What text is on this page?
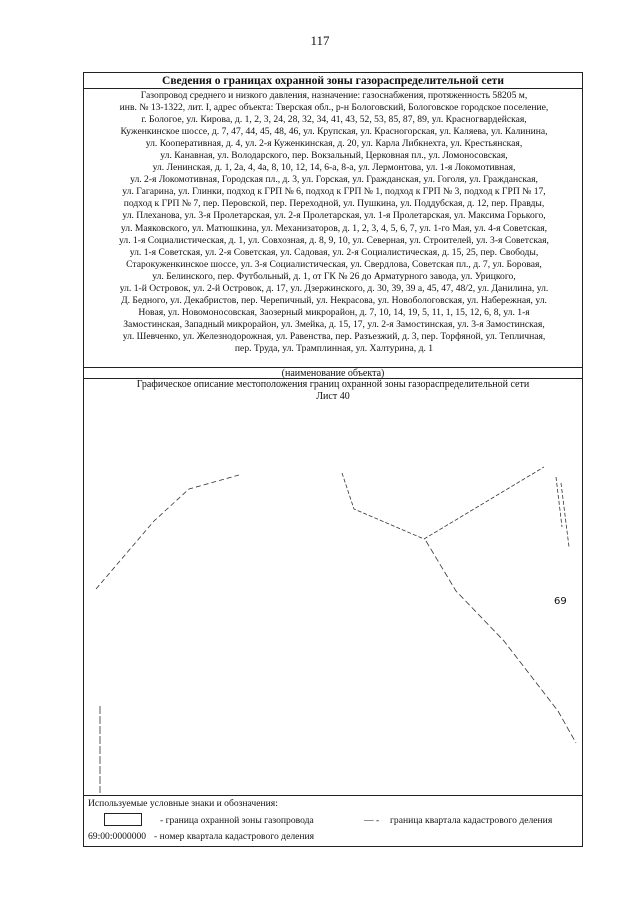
117
Сведения о границах охранной зоны газораспределительной сети
Газопровод среднего и низкого давления, назначение: газоснабжения, протяженность 58205 м,
инв. № 13-1322, лит. I, адрес объекта: Тверская обл., р-н Бологовский, Бологовское городское поселение,
г. Бологое, ул. Кирова, д. 1, 2, 3, 24, 28, 32, 34, 41, 43, 52, 53, 85, 87, 89, ул. Красногвардейская,
Кужeнкинское шоссе, д. 7, 47, 44, 45, 48, 46, ул. Крупская, ул. Красногорская, ул. Каляева, ул. Калинина,
ул. Кооперативная, д. 4, ул. 2-я Куженкинская, д. 20, ул. Карла Либкнехта, ул. Крестьянская,
ул. Канавная, ул. Володарского, пер. Вокзальный, Церковная пл., ул. Ломоносовская,
ул. Ленинская, д. 1, 2а, 4, 4а, 8, 10, 12, 14, 6-а, 8-а, ул. Лермонтова, ул. 1-я Локомотивная,
ул. 2-я Локомотивная, Городская пл., д. 3, ул. Горская, ул. Гражданская, ул. Гоголя, ул. Гражданская,
ул. Гагарина, ул. Глинки, подход к ГРП № 6, подход к ГРП № 1, подход к ГРП № 3, подход к ГРП № 17,
подход к ГРП № 7, пер. Перовской, пер. Переходной, ул. Пушкина, ул. Поддубская, д. 12, пер. Правды,
ул. Плеханова, ул. 3-я Пролетарская, ул. 2-я Пролетарская, ул. 1-я Пролетарская, ул. Максима Горького,
ул. Маяковского, ул. Матюшкина, ул. Механизаторов, д. 1, 2, 3, 4, 5, 6, 7, ул. 1-го Мая, ул. 4-я Советская,
ул. 1-я Социалистическая, д. 1, ул. Совхозная, д. 8, 9, 10, ул. Северная, ул. Строителей, ул. 3-я Советская,
ул. 1-я Советская, ул. 2-я Советская, ул. Садовая, ул. 2-я Социалистическая, д. 15, 25, пер. Свободы,
Старокуженкинское шоссе, ул. 3-я Социалистическая, ул. Свердлова, Советская пл., д. 7, ул. Боровая,
ул. Белинского, пер. Футбольный, д. 1, от ГК № 26 до Арматурного завода, ул. Урицкого,
ул. 1-й Островок, ул. 2-й Островок, д. 17, ул. Дзержинского, д. 30, 39, 39 а, 45, 47, 48/2, ул. Данилина, ул.
Д. Бедного, ул. Декабристов, пер. Черепичный, ул. Некрасова, ул. Новобологовская, ул. Набережная, ул.
Новая, ул. Новомоносовская, Заозерный микрорайон, д. 7, 10, 14, 19, 5, 11, 1, 15, 12, 6, 8, ул. 1-я
Замостинская, Западный микрорайон, ул. Змейка, д. 15, 17, ул. 2-я Замостинская, ул. 3-я Замостинская,
ул. Шевченко, ул. Железнодорожная, ул. Равенства, пер. Разъезжий, д. 3, пер. Торфяной, ул. Тепличная,
пер. Труда, ул. Трамплинная, ул. Халтурина, д. 1
(наименование объекта)
Графическое описание местоположения границ охранной зоны газораспределительной сети
69
Лист 40
Используемые условные знаки и обозначения:
- граница охранной зоны газопровода	— - граница квартала кадастрового деления
69:00:0000000 - номер квартала кадастрового деления
